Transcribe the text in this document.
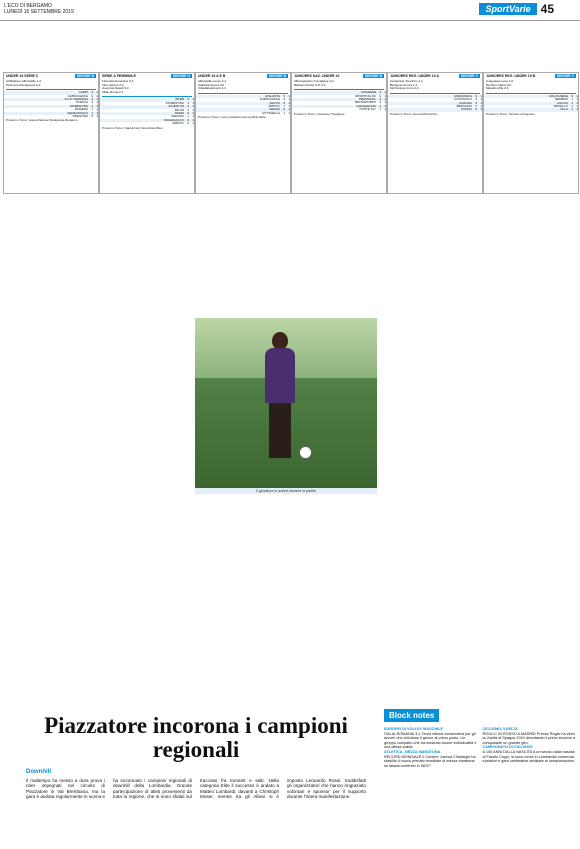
L'ECO DI BERGAMO
LUNEDÌ 16 SETTEMBRE 2019	SportVarie 45
UNDER 15 SERIE C	GIRONE B
Atl.Bigliese-Albinoleffe 1-3
Pedrocca-Pavolpesca 2-0
CARPI	3	1
ALBINOLEFFE	3	1
S.C.P. FERRARA	3	1
PADOVA	3	1
FIORENTINA	1	1
MODENA	1	1
FERALPISALO	1	1
TRIESTINA	0	1
Prossimo Turno: Giana-Padova Pavolpesca-Bergamo.
SERIE A FEMMINILE	GIRONE D
Florentia-Fiorentina 2-4
Inter-Verona 2-2
Juventus-Napoli 3-0
Milan-Roma 2-1
INTER	3	1
FIORENTINA	3	1
JUVENTUS	3	1
MILAN	3	1
ROMA	0	1
VERONA	1	1
TAVAGNACCO	0	1
EMPOLI	0	1
Prossimo Turno: Napoli-Inter Fiorentina-Milan.
UNDER 15 A E B	GIRONE B
Albinoleffe-Lecco 2-1
Atalanta-Genoa 3-0
Cittadella-Empoli 1-1
ATALANTA	3	1
ALBINOLEFFE	3	1
LECCO	0	1
EMPOLI	1	1
GENOA	0	1
CITTADELLA	1	1
Prossimo Turno: Lecco-Atalanta Genoa-Albinoleffe.
JUNIORES NAZ. UNDER 19	GIRONE B
Albinogandino-Trevigliese 3-4
Bellusco-Ponte S.P. 2-2
CISANESE	3	1
SPORTING DC	3	1
TRESTAFOL	3	1
BRUSAPORTO	3	1
CARAVAGGIO	1	1
PONTE S.P.	1	1
Prossimo Turno: Cisanese-Trevigliese.
JUNIORES REG. UNDER 19 A	GIRONE C
Accad.Gal.-Pontirolo 1-2
Bergamo-Aurora 1-2
Mozzanica-Curno 2-0
MOZZANICA	3	1
PONTIROLO	3	1
AURORA	3	1
BERGAMO	0	1
CURNO	0	1
Prossimo Turno: Aurora-Mozzanica.
JUNIORES REG. UNDER 19 B	GIRONE C
Colognese-Leon 1-0
Nembro-Calcio 0-0
Mapello-Villa 2-2
COLOGNESE	3	1
NEMBRO	1	1
CALCIO	1	1
MAPELLO	1	1
VILLA	1	1
Prossimo Turno: Nembro-Colognese.
Il giocatore in azione durante la partita
Piazzatore incorona i campioni regionali
Downhill
Il maltempo ha messo a dura prova i rider impegnati nel circuito di Piazzatore in Val Brembana, ma la gara è andata regolarmente in scena e ha incoronato i campioni regionali di downhill della Lombardia. Grande partecipazione di atleti provenienti da tutta la regione, che si sono sfidati sul tracciato fra tornanti e salti. Nella categoria Elite il successo è andato a Matteo Lombardi, davanti a Christoph Moser, mentre tra gli Allievi si è imposto Leonardo Rossi. Soddisfatti gli organizzatori che hanno ringraziato volontari e sponsor per il supporto durante l'intera manifestazione.
Block notes
EUROPEI DI VOLLEY MASCHILE
ITALIA-ROMANIA 3-1 Terza vittoria consecutiva per gli azzurri che chiudono il girone al primo posto. Un gruppo compatto che ha mostrato buone individualità e una difesa solida.
ATLETICA, MEZZA MARATONA
RECORD MONDIALE Il Ceniere Joshua Cheptegei ha stabilito il nuovo primato mondiale di mezza maratona su strada correndo in 58'07".
CICLISMO, VUELTA
ROGLIC IN ROSSO A MADRID Primoz Roglic ha vinto la Vuelta di Spagna 2019 diventando il primo sloveno a conquistare un grande giro.
CAMPIONATO DI CICLISMO
A 100 ANNI DALLA NASCITA A un secolo dalla nascita di Fausto Coppi, si sono corse in Lombardia numerose iniziative e gare celebrative dedicate al campionissimo.
